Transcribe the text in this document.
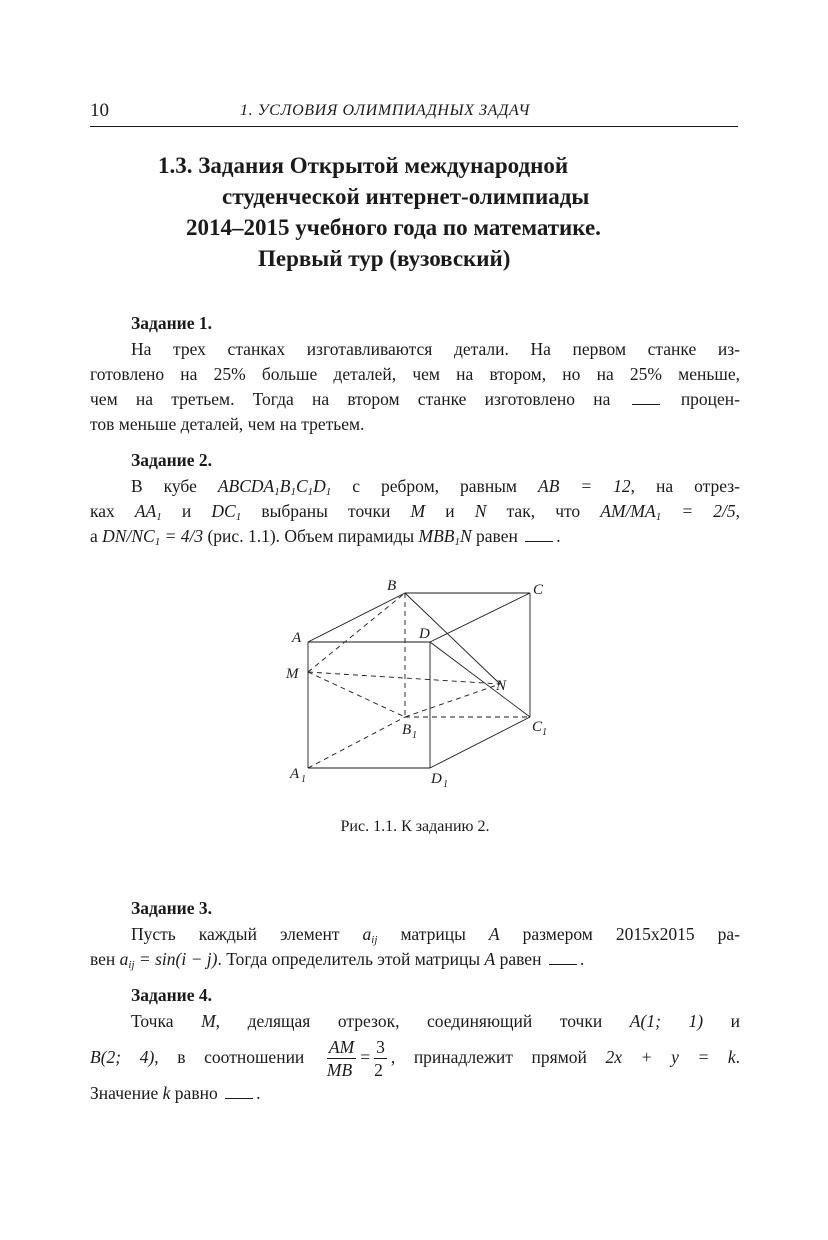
10	1. УСЛОВИЯ ОЛИМПИАДНЫХ ЗАДАЧ
1.3. Задания Открытой международной
студенческой интернет-олимпиады
2014–2015 учебного года по математике.
Первый тур (вузовский)
Задание 1.
На трех станках изготавливаются детали. На первом станке из-
готовлено на 25% больше деталей, чем на втором, но на 25% меньше,
чем на третьем. Тогда на втором станке изготовлено на	процен-
тов меньше деталей, чем на третьем.
Задание 2.
В кубе $ABCDA_1B_1C_1D_1$ с ребром, равным AB = 12, на отрез-
ках $AA_1$ и $DC_1$ выбраны точки M и N так, что $AM/MA_1 = 2/5$,
а $DN/NC_1 = 4/3$ (рис. 1.1). Объем пирамиды $MBB_1N$ равен .
B	C
A	D
M
N
B 1
C 1
A 1	D 1
Рис. 1.1. К заданию 2.
Задание 3.
Пусть каждый элемент $a_{ij}$ матрицы A размером 2015x2015 ра-
вен $a_{ij} = \sin(i - j)$. Тогда определитель этой матрицы A равен .
Задание 4.
Точка M, делящая отрезок, соединяющий точки A(1; 1) и
B(2; 4), в соотношении $\frac{AM}{MB} = \frac{3}{2}$ , принадлежит прямой 2x + y = k.
Значение k равно .
